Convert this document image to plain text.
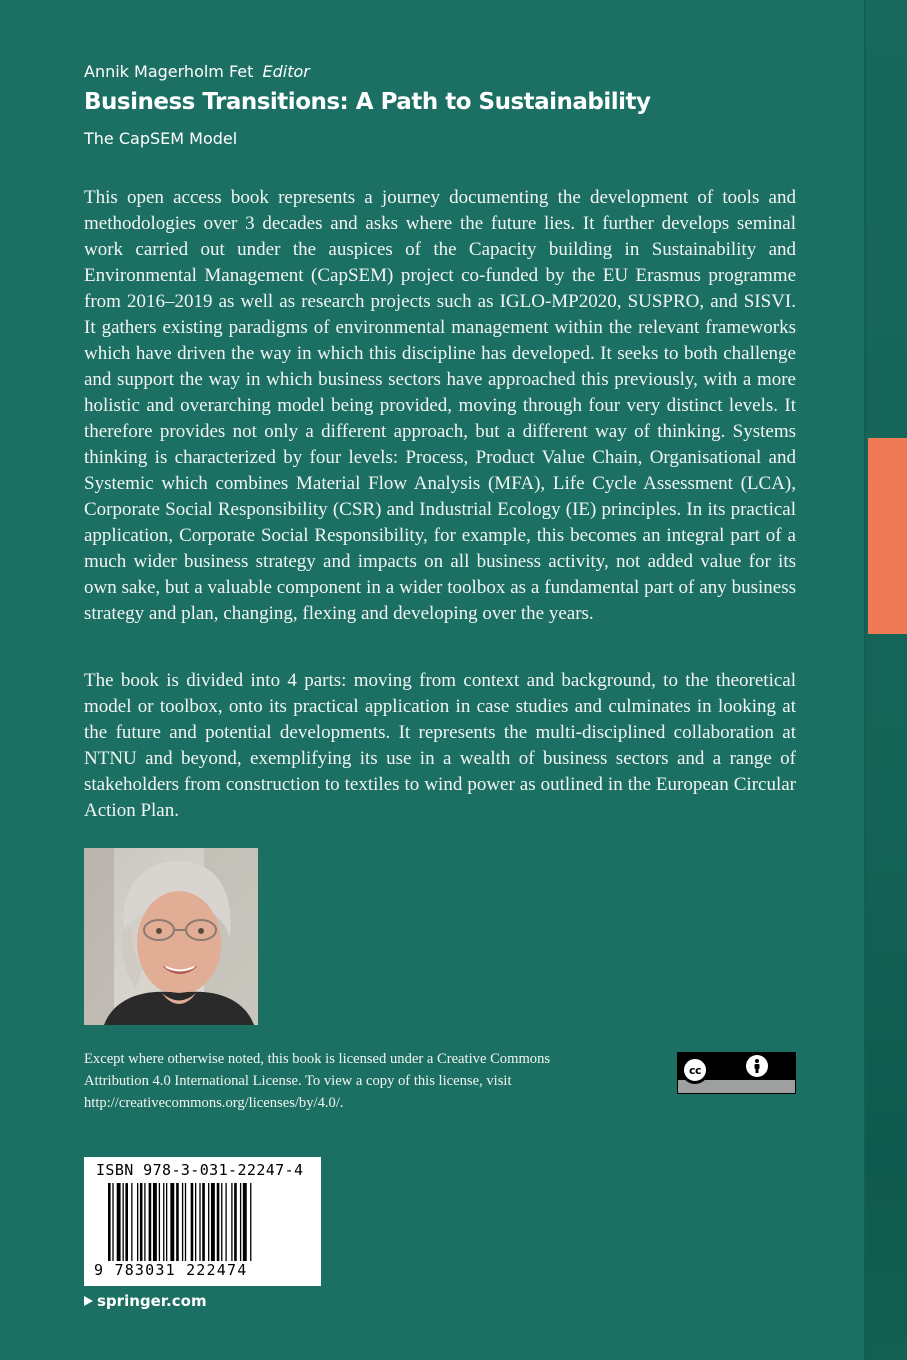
Annik Magerholm Fet Editor
Business Transitions: A Path to Sustainability
The CapSEM Model
This open access book represents a journey documenting the development of tools and methodologies over 3 decades and asks where the future lies. It further develops seminal work carried out under the auspices of the Capacity building in Sustainability and Environmental Management (CapSEM) project co-funded by the EU Erasmus programme from 2016–2019 as well as research projects such as IGLO-MP2020, SUSPRO, and SISVI. It gathers existing paradigms of environmental management within the relevant frameworks which have driven the way in which this discipline has developed. It seeks to both challenge and support the way in which business sectors have approached this previously, with a more holistic and overarching model being provided, moving through four very distinct levels. It therefore provides not only a different approach, but a different way of thinking. Systems thinking is characterized by four levels: Process, Product Value Chain, Organisational and Systemic which combines Material Flow Analysis (MFA), Life Cycle Assessment (LCA), Corporate Social Responsibility (CSR) and Industrial Ecology (IE) principles. In its practical application, Corporate Social Responsibility, for example, this becomes an integral part of a much wider business strategy and impacts on all business activity, not added value for its own sake, but a valuable component in a wider toolbox as a fundamental part of any business strategy and plan, changing, flexing and developing over the years.
The book is divided into 4 parts: moving from context and background, to the theoretical model or toolbox, onto its practical application in case studies and culminates in looking at the future and potential developments. It represents the multi-disciplined collaboration at NTNU and beyond, exemplifying its use in a wealth of business sectors and a range of stakeholders from construction to textiles to wind power as outlined in the European Circular Action Plan.
Except where otherwise noted, this book is licensed under a Creative Commons Attribution 4.0 International License. To view a copy of this license, visit http://creativecommons.org/licenses/by/4.0/.
cc
ISBN 978-3-031-22247-4
9 783031 222474
springer.com
